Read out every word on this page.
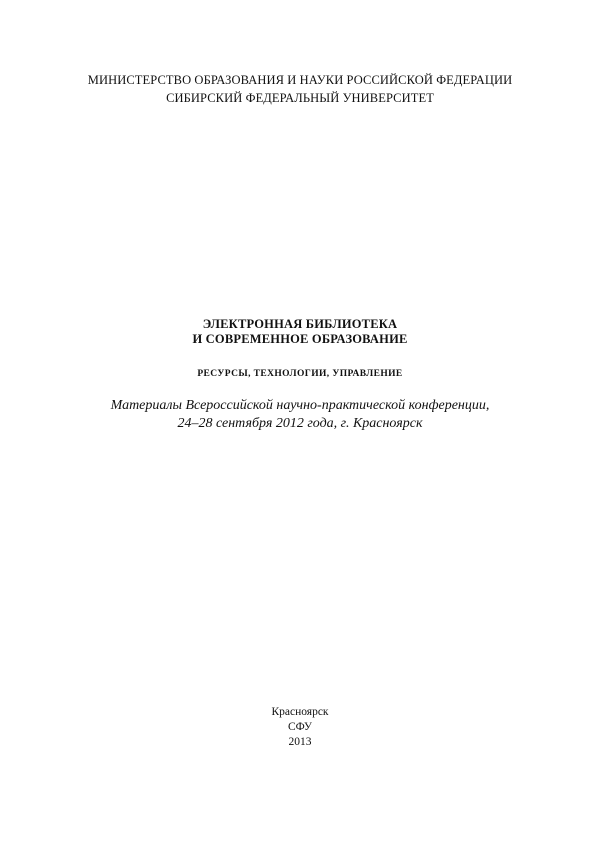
МИНИСТЕРСТВО ОБРАЗОВАНИЯ И НАУКИ РОССИЙСКОЙ ФЕДЕРАЦИИ
СИБИРСКИЙ ФЕДЕРАЛЬНЫЙ УНИВЕРСИТЕТ
ЭЛЕКТРОННАЯ БИБЛИОТЕКА
И СОВРЕМЕННОЕ ОБРАЗОВАНИЕ
РЕСУРСЫ, ТЕХНОЛОГИИ, УПРАВЛЕНИЕ
Материалы Всероссийской научно-практической конференции,
24–28 сентября 2012 года, г. Красноярск
Красноярск
СФУ
2013
